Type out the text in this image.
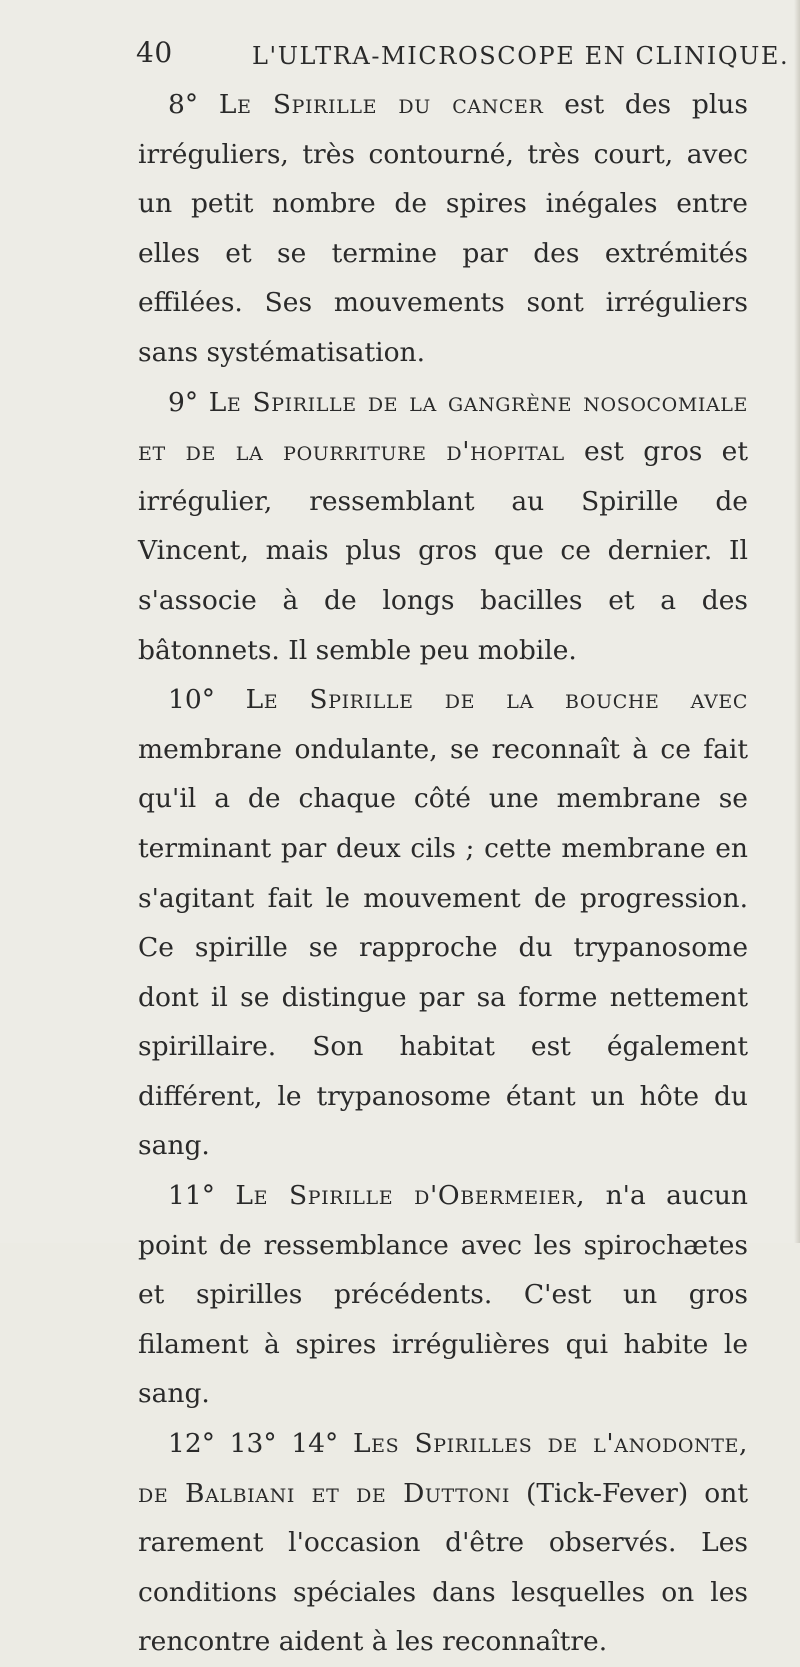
40	L'ULTRA-MICROSCOPE EN CLINIQUE.

8° Le Spirille du cancer est des plus irréguliers, très contourné, très court, avec un petit nombre de spires inégales entre elles et se termine par des extrémités effilées. Ses mouvements sont irréguliers sans systématisation.

9° Le Spirille de la gangrène nosocomiale et de la pourriture d'hopital est gros et irrégulier, ressemblant au Spirille de Vincent, mais plus gros que ce dernier. Il s'associe à de longs bacilles et a des bâtonnets. Il semble peu mobile.

10° Le Spirille de la bouche avec membrane ondulante, se reconnaît à ce fait qu'il a de chaque côté une membrane se terminant par deux cils ; cette membrane en s'agitant fait le mouvement de progression. Ce spirille se rapproche du trypanosome dont il se distingue par sa forme nettement spirillaire. Son habitat est également différent, le trypanosome étant un hôte du sang.

11° Le Spirille d'Obermeier, n'a aucun point de ressemblance avec les spirochætes et spirilles précédents. C'est un gros filament à spires irrégulières qui habite le sang.

12° 13° 14° Les Spirilles de l'anodonte, de Balbiani et de Duttoni (Tick-Fever) ont rarement l'occasion d'être observés. Les conditions spéciales dans lesquelles on les rencontre aident à les reconnaître.
